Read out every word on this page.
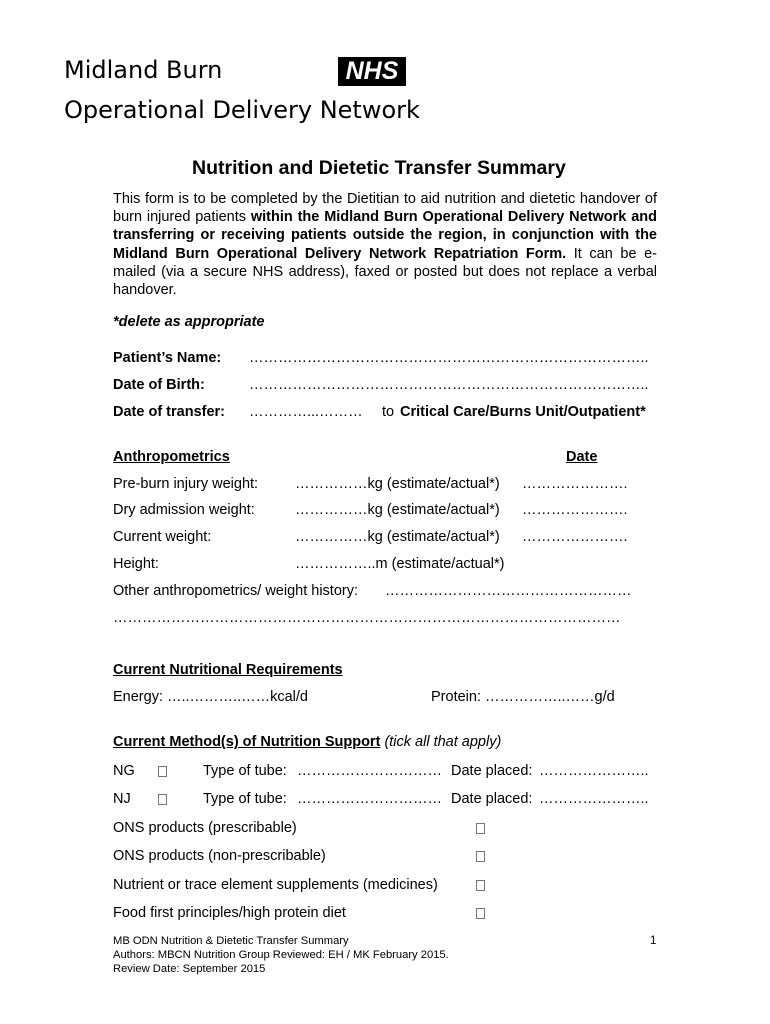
Midland Burn
Operational Delivery Network
NHS
Nutrition and Dietetic Transfer Summary
This form is to be completed by the Dietitian to aid nutrition and dietetic handover of burn injured patients within the Midland Burn Operational Delivery Network and transferring or receiving patients outside the region, in conjunction with the Midland Burn Operational Delivery Network Repatriation Form. It can be e-mailed (via a secure NHS address), faxed or posted but does not replace a verbal handover.
*delete as appropriate
Patient’s Name: ………………………………………………………………………..
Date of Birth:	………………………………………………………………………..
Date of transfer: …………...……… to Critical Care/Burns Unit/Outpatient*
Anthropometrics	Date
Pre-burn injury weight:	……………kg (estimate/actual*) ………………….
Dry admission weight:	……………kg (estimate/actual*) ………………….
Current weight:	……………kg (estimate/actual*) ………………….
Height:	……………..m (estimate/actual*)
Other anthropometrics/ weight history: ……………………………………………
……………………………………………………………………………………………
Current Nutritional Requirements
Energy: …..………..……kcal/d	Protein: ……………..……g/d
Current Method(s) of Nutrition Support (tick all that apply)
NG	Type of tube: ………………………… Date placed: …………………..
NJ	Type of tube: ………………………… Date placed: …………………..
ONS products (prescribable)
ONS products (non-prescribable)
Nutrient or trace element supplements (medicines)
Food first principles/high protein diet
MB ODN Nutrition & Dietetic Transfer Summary
Authors: MBCN Nutrition Group Reviewed: EH / MK February 2015.
Review Date: September 2015
1
